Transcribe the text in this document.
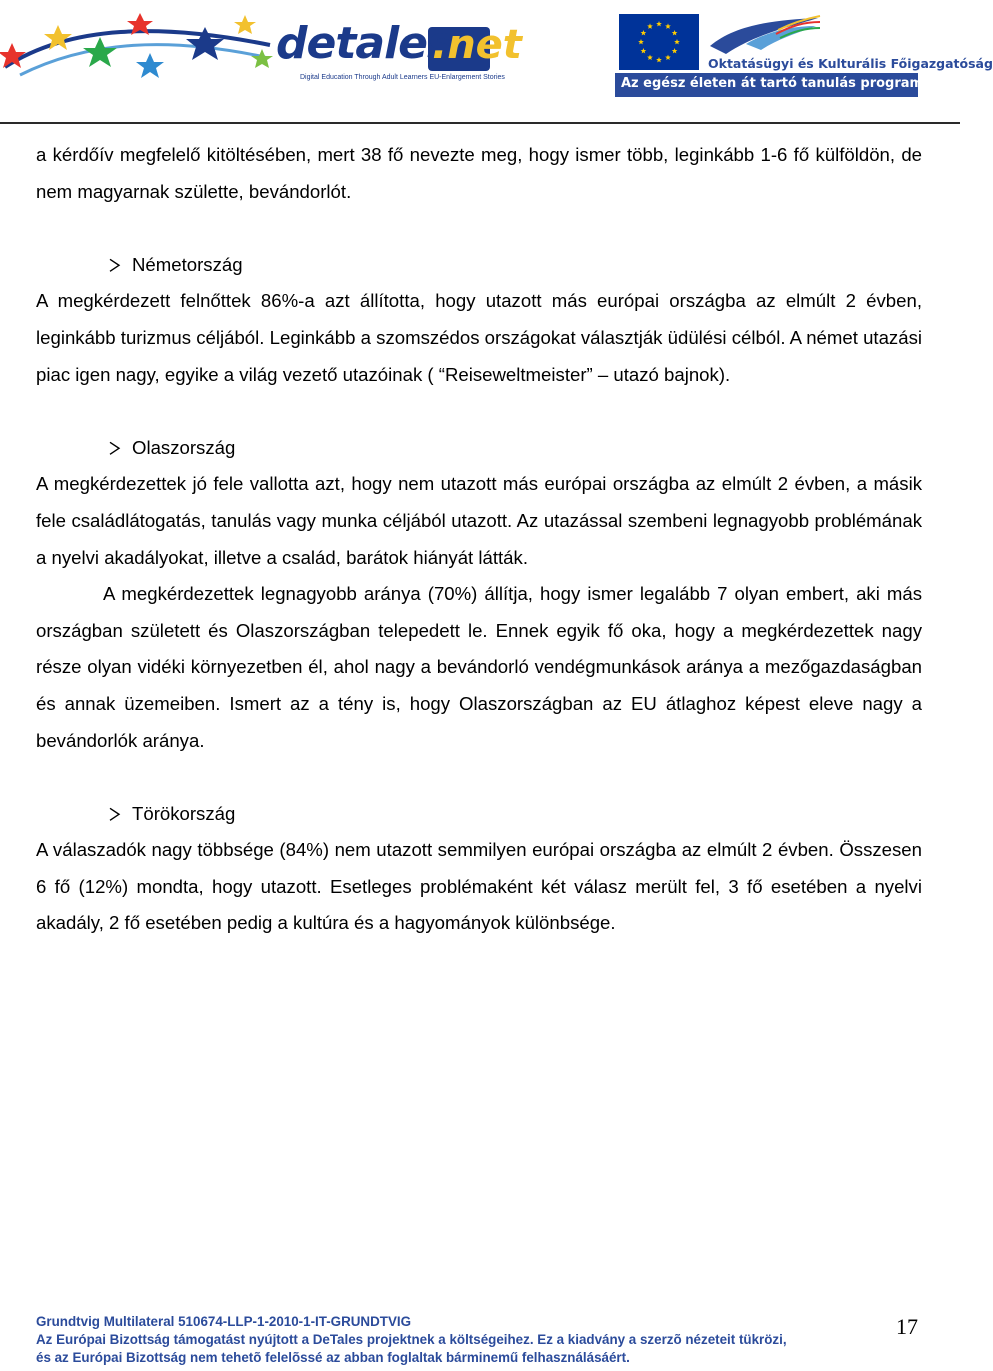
detales
.net
Digital Education Through Adult Learners EU-Enlargement Stories
Oktatásügyi és Kulturális Főigazgatóság
Az egész életen át tartó tanulás programja

a kérdőív megfelelő kitöltésében, mert 38 fő nevezte meg, hogy ismer több, leginkább 1-6 fő külföldön, de nem magyarnak születte, bevándorlót.

Németország

A megkérdezett felnőttek 86%-a azt állította, hogy utazott más európai országba az elmúlt 2 évben, leginkább turizmus céljából. Leginkább a szomszédos országokat választják üdülési célból. A német utazási piac igen nagy, egyike a világ vezető utazóinak ( “Reiseweltmeister” – utazó bajnok).

Olaszország

A megkérdezettek jó fele vallotta azt, hogy nem utazott más európai országba az elmúlt 2 évben, a másik fele családlátogatás, tanulás vagy munka céljából utazott. Az utazással szembeni legnagyobb problémának a nyelvi akadályokat, illetve a család, barátok hiányát látták.

A megkérdezettek legnagyobb aránya (70%) állítja, hogy ismer legalább 7 olyan embert, aki más országban született és Olaszországban telepedett le. Ennek egyik fő oka, hogy a megkérdezettek nagy része olyan vidéki környezetben él, ahol nagy a bevándorló vendégmunkások aránya a mezőgazdaságban és annak üzemeiben. Ismert az a tény is, hogy Olaszországban az EU átlaghoz képest eleve nagy a bevándorlók aránya.

Törökország

A válaszadók nagy többsége (84%) nem utazott semmilyen európai országba az elmúlt 2 évben. Összesen 6 fő (12%) mondta, hogy utazott. Esetleges problémaként két válasz merült fel, 3 fő esetében a nyelvi akadály, 2 fő esetében pedig a kultúra és a hagyományok különbsége.

Grundtvig Multilateral 510674-LLP-1-2010-1-IT-GRUNDTVIG
Az Európai Bizottság támogatást nyújtott a DeTales projektnek a költségeihez. Ez a kiadvány a szerzõ nézeteit tükrözi,
és az Európai Bizottság nem tehetõ felelõssé az abban foglaltak bárminemű felhasználásáért.
17
